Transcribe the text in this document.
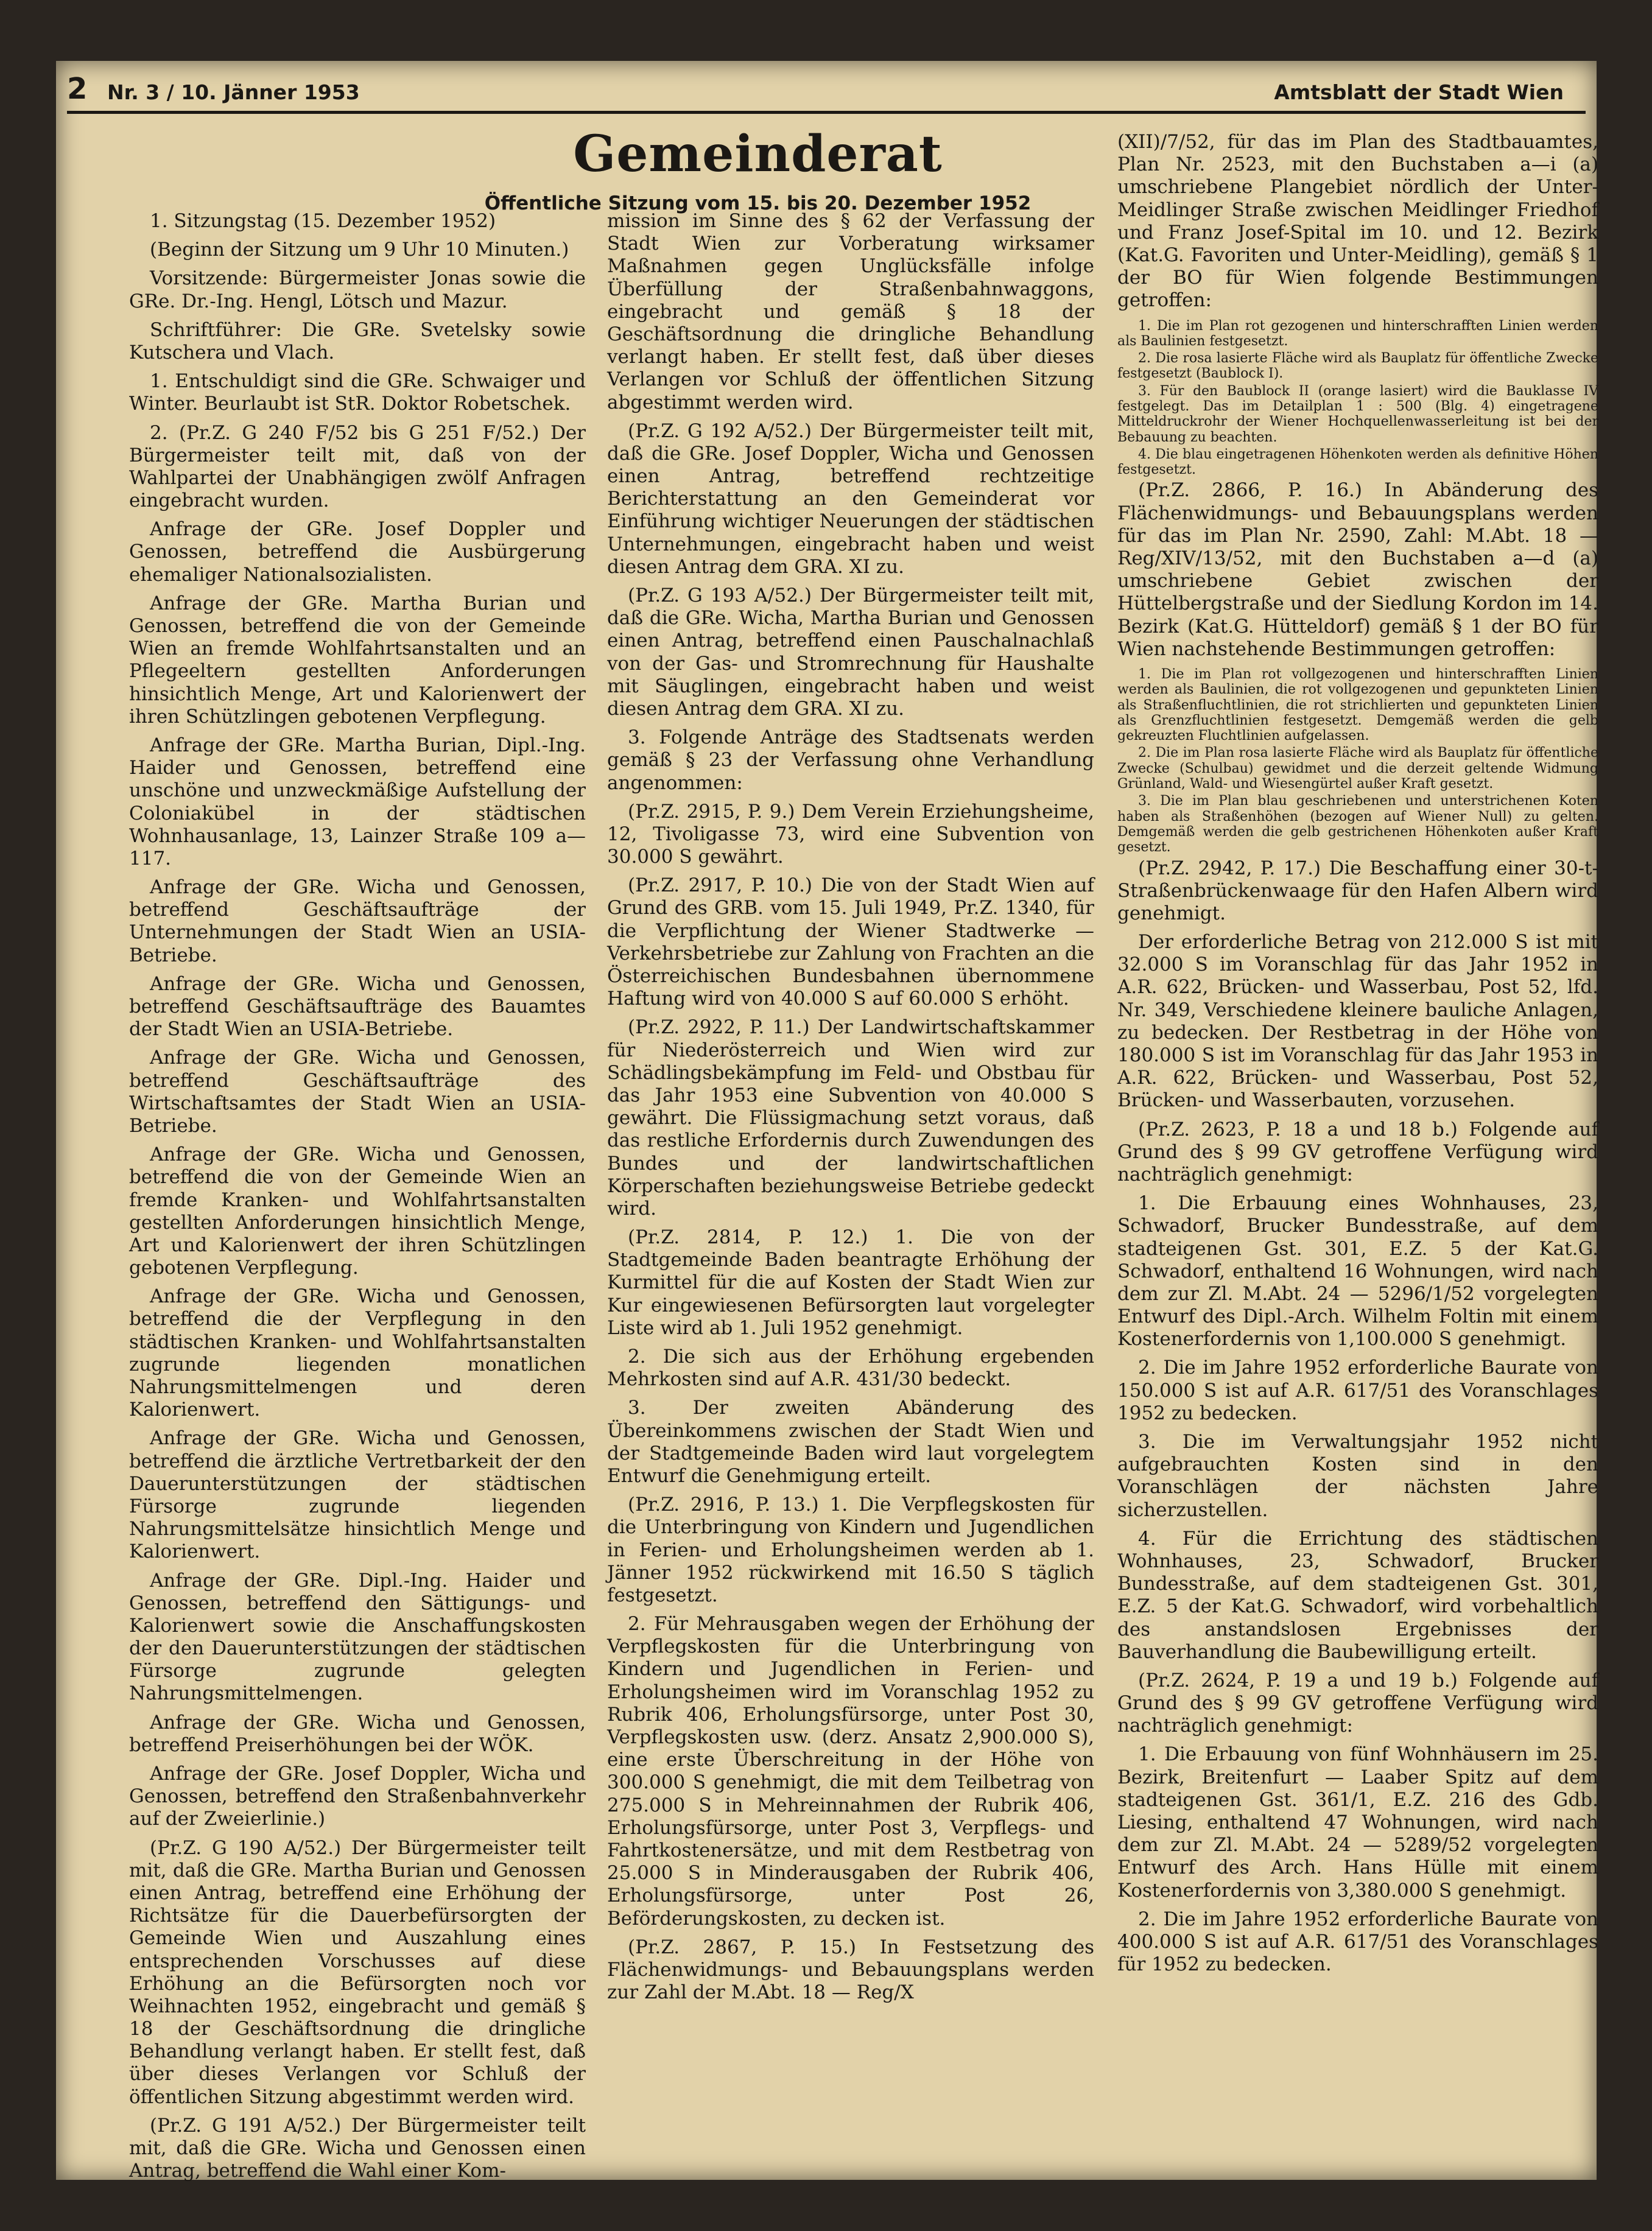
2 Nr. 3 / 10. Jänner 1953	Amtsblatt der Stadt Wien
Gemeinderat
Öffentliche Sitzung vom 15. bis 20. Dezember 1952

1. Sitzungstag (15. Dezember 1952)

(Beginn der Sitzung um 9 Uhr 10 Minuten.)

Vorsitzende: Bürgermeister Jonas sowie die GRe. Dr.-Ing. Hengl, Lötsch und Mazur.

Schriftführer: Die GRe. Svetelsky sowie Kutschera und Vlach.

1. Entschuldigt sind die GRe. Schwaiger und Winter. Beurlaubt ist StR. Doktor Robetschek.

2. (Pr.Z. G 240 F/52 bis G 251 F/52.) Der Bürgermeister teilt mit, daß von der Wahlpartei der Unabhängigen zwölf Anfragen eingebracht wurden.

Anfrage der GRe. Josef Doppler und Genossen, betreffend die Ausbürgerung ehemaliger Nationalsozialisten.

Anfrage der GRe. Martha Burian und Genossen, betreffend die von der Gemeinde Wien an fremde Wohlfahrtsanstalten und an Pflegeeltern gestellten Anforderungen hinsichtlich Menge, Art und Kalorienwert der ihren Schützlingen gebotenen Verpflegung.

Anfrage der GRe. Martha Burian, Dipl.-Ing. Haider und Genossen, betreffend eine unschöne und unzweckmäßige Aufstellung der Coloniakübel in der städtischen Wohnhausanlage, 13, Lainzer Straße 109 a—117.

Anfrage der GRe. Wicha und Genossen, betreffend Geschäftsaufträge der Unternehmungen der Stadt Wien an USIA-Betriebe.

Anfrage der GRe. Wicha und Genossen, betreffend Geschäftsaufträge des Bauamtes der Stadt Wien an USIA-Betriebe.

Anfrage der GRe. Wicha und Genossen, betreffend Geschäftsaufträge des Wirtschaftsamtes der Stadt Wien an USIA-Betriebe.

Anfrage der GRe. Wicha und Genossen, betreffend die von der Gemeinde Wien an fremde Kranken- und Wohlfahrtsanstalten gestellten Anforderungen hinsichtlich Menge, Art und Kalorienwert der ihren Schützlingen gebotenen Verpflegung.

Anfrage der GRe. Wicha und Genossen, betreffend die der Verpflegung in den städtischen Kranken- und Wohlfahrtsanstalten zugrunde liegenden monatlichen Nahrungsmittelmengen und deren Kalorienwert.

Anfrage der GRe. Wicha und Genossen, betreffend die ärztliche Vertretbarkeit der den Dauerunterstützungen der städtischen Fürsorge zugrunde liegenden Nahrungsmittelsätze hinsichtlich Menge und Kalorienwert.

Anfrage der GRe. Dipl.-Ing. Haider und Genossen, betreffend den Sättigungs- und Kalorienwert sowie die Anschaffungskosten der den Dauerunterstützungen der städtischen Fürsorge zugrunde gelegten Nahrungsmittelmengen.

Anfrage der GRe. Wicha und Genossen, betreffend Preiserhöhungen bei der WÖK.

Anfrage der GRe. Josef Doppler, Wicha und Genossen, betreffend den Straßenbahnverkehr auf der Zweierlinie.)

(Pr.Z. G 190 A/52.) Der Bürgermeister teilt mit, daß die GRe. Martha Burian und Genossen einen Antrag, betreffend eine Erhöhung der Richtsätze für die Dauerbefürsorgten der Gemeinde Wien und Auszahlung eines entsprechenden Vorschusses auf diese Erhöhung an die Befürsorgten noch vor Weihnachten 1952, eingebracht und gemäß § 18 der Geschäftsordnung die dringliche Behandlung verlangt haben. Er stellt fest, daß über dieses Verlangen vor Schluß der öffentlichen Sitzung abgestimmt werden wird.

(Pr.Z. G 191 A/52.) Der Bürgermeister teilt mit, daß die GRe. Wicha und Genossen einen Antrag, betreffend die Wahl einer Kom-

mission im Sinne des § 62 der Verfassung der Stadt Wien zur Vorberatung wirksamer Maßnahmen gegen Unglücksfälle infolge Überfüllung der Straßenbahnwaggons, eingebracht und gemäß § 18 der Geschäftsordnung die dringliche Behandlung verlangt haben. Er stellt fest, daß über dieses Verlangen vor Schluß der öffentlichen Sitzung abgestimmt werden wird.

(Pr.Z. G 192 A/52.) Der Bürgermeister teilt mit, daß die GRe. Josef Doppler, Wicha und Genossen einen Antrag, betreffend rechtzeitige Berichterstattung an den Gemeinderat vor Einführung wichtiger Neuerungen der städtischen Unternehmungen, eingebracht haben und weist diesen Antrag dem GRA. XI zu.

(Pr.Z. G 193 A/52.) Der Bürgermeister teilt mit, daß die GRe. Wicha, Martha Burian und Genossen einen Antrag, betreffend einen Pauschalnachlaß von der Gas- und Stromrechnung für Haushalte mit Säuglingen, eingebracht haben und weist diesen Antrag dem GRA. XI zu.

3. Folgende Anträge des Stadtsenats werden gemäß § 23 der Verfassung ohne Verhandlung angenommen:

(Pr.Z. 2915, P. 9.) Dem Verein Erziehungsheime, 12, Tivoligasse 73, wird eine Subvention von 30.000 S gewährt.

(Pr.Z. 2917, P. 10.) Die von der Stadt Wien auf Grund des GRB. vom 15. Juli 1949, Pr.Z. 1340, für die Verpflichtung der Wiener Stadtwerke — Verkehrsbetriebe zur Zahlung von Frachten an die Österreichischen Bundesbahnen übernommene Haftung wird von 40.000 S auf 60.000 S erhöht.

(Pr.Z. 2922, P. 11.) Der Landwirtschaftskammer für Niederösterreich und Wien wird zur Schädlingsbekämpfung im Feld- und Obstbau für das Jahr 1953 eine Subvention von 40.000 S gewährt. Die Flüssigmachung setzt voraus, daß das restliche Erfordernis durch Zuwendungen des Bundes und der landwirtschaftlichen Körperschaften beziehungsweise Betriebe gedeckt wird.

(Pr.Z. 2814, P. 12.) 1. Die von der Stadtgemeinde Baden beantragte Erhöhung der Kurmittel für die auf Kosten der Stadt Wien zur Kur eingewiesenen Befürsorgten laut vorgelegter Liste wird ab 1. Juli 1952 genehmigt.

2. Die sich aus der Erhöhung ergebenden Mehrkosten sind auf A.R. 431/30 bedeckt.

3. Der zweiten Abänderung des Übereinkommens zwischen der Stadt Wien und der Stadtgemeinde Baden wird laut vorgelegtem Entwurf die Genehmigung erteilt.

(Pr.Z. 2916, P. 13.) 1. Die Verpflegskosten für die Unterbringung von Kindern und Jugendlichen in Ferien- und Erholungsheimen werden ab 1. Jänner 1952 rückwirkend mit 16.50 S täglich festgesetzt.

2. Für Mehrausgaben wegen der Erhöhung der Verpflegskosten für die Unterbringung von Kindern und Jugendlichen in Ferien- und Erholungsheimen wird im Voranschlag 1952 zu Rubrik 406, Erholungsfürsorge, unter Post 30, Verpflegskosten usw. (derz. Ansatz 2,900.000 S), eine erste Überschreitung in der Höhe von 300.000 S genehmigt, die mit dem Teilbetrag von 275.000 S in Mehreinnahmen der Rubrik 406, Erholungsfürsorge, unter Post 3, Verpflegs- und Fahrtkostenersätze, und mit dem Restbetrag von 25.000 S in Minderausgaben der Rubrik 406, Erholungsfürsorge, unter Post 26, Beförderungskosten, zu decken ist.

(Pr.Z. 2867, P. 15.) In Festsetzung des Flächenwidmungs- und Bebauungsplans werden zur Zahl der M.Abt. 18 — Reg/X

(XII)/7/52, für das im Plan des Stadtbauamtes, Plan Nr. 2523, mit den Buchstaben a—i (a) umschriebene Plangebiet nördlich der Unter-Meidlinger Straße zwischen Meidlinger Friedhof und Franz Josef-Spital im 10. und 12. Bezirk (Kat.G. Favoriten und Unter-Meidling), gemäß § 1 der BO für Wien folgende Bestimmungen getroffen:

1. Die im Plan rot gezogenen und hinterschrafften Linien werden als Baulinien festgesetzt.

2. Die rosa lasierte Fläche wird als Bauplatz für öffentliche Zwecke festgesetzt (Baublock I).

3. Für den Baublock II (orange lasiert) wird die Bauklasse IV festgelegt. Das im Detailplan 1 : 500 (Blg. 4) eingetragene Mitteldruckrohr der Wiener Hochquellenwasserleitung ist bei der Bebauung zu beachten.

4. Die blau eingetragenen Höhenkoten werden als definitive Höhen festgesetzt.

(Pr.Z. 2866, P. 16.) In Abänderung des Flächenwidmungs- und Bebauungsplans werden für das im Plan Nr. 2590, Zahl: M.Abt. 18 — Reg/XIV/13/52, mit den Buchstaben a—d (a) umschriebene Gebiet zwischen der Hüttelbergstraße und der Siedlung Kordon im 14. Bezirk (Kat.G. Hütteldorf) gemäß § 1 der BO für Wien nachstehende Bestimmungen getroffen:

1. Die im Plan rot vollgezogenen und hinterschrafften Linien werden als Baulinien, die rot vollgezogenen und gepunkteten Linien als Straßenfluchtlinien, die rot strichlierten und gepunkteten Linien als Grenzfluchtlinien festgesetzt. Demgemäß werden die gelb gekreuzten Fluchtlinien aufgelassen.

2. Die im Plan rosa lasierte Fläche wird als Bauplatz für öffentliche Zwecke (Schulbau) gewidmet und die derzeit geltende Widmung Grünland, Wald- und Wiesengürtel außer Kraft gesetzt.

3. Die im Plan blau geschriebenen und unterstrichenen Koten haben als Straßenhöhen (bezogen auf Wiener Null) zu gelten. Demgemäß werden die gelb gestrichenen Höhenkoten außer Kraft gesetzt.

(Pr.Z. 2942, P. 17.) Die Beschaffung einer 30-t-Straßenbrückenwaage für den Hafen Albern wird genehmigt.

Der erforderliche Betrag von 212.000 S ist mit 32.000 S im Voranschlag für das Jahr 1952 in A.R. 622, Brücken- und Wasserbau, Post 52, lfd. Nr. 349, Verschiedene kleinere bauliche Anlagen, zu bedecken. Der Restbetrag in der Höhe von 180.000 S ist im Voranschlag für das Jahr 1953 in A.R. 622, Brücken- und Wasserbau, Post 52, Brücken- und Wasserbauten, vorzusehen.

(Pr.Z. 2623, P. 18 a und 18 b.) Folgende auf Grund des § 99 GV getroffene Verfügung wird nachträglich genehmigt:

1. Die Erbauung eines Wohnhauses, 23, Schwadorf, Brucker Bundesstraße, auf dem stadteigenen Gst. 301, E.Z. 5 der Kat.G. Schwadorf, enthaltend 16 Wohnungen, wird nach dem zur Zl. M.Abt. 24 — 5296/1/52 vorgelegten Entwurf des Dipl.-Arch. Wilhelm Foltin mit einem Kostenerfordernis von 1,100.000 S genehmigt.

2. Die im Jahre 1952 erforderliche Baurate von 150.000 S ist auf A.R. 617/51 des Voranschlages 1952 zu bedecken.

3. Die im Verwaltungsjahr 1952 nicht aufgebrauchten Kosten sind in den Voranschlägen der nächsten Jahre sicherzustellen.

4. Für die Errichtung des städtischen Wohnhauses, 23, Schwadorf, Brucker Bundesstraße, auf dem stadteigenen Gst. 301, E.Z. 5 der Kat.G. Schwadorf, wird vorbehaltlich des anstandslosen Ergebnisses der Bauverhandlung die Baubewilligung erteilt.

(Pr.Z. 2624, P. 19 a und 19 b.) Folgende auf Grund des § 99 GV getroffene Verfügung wird nachträglich genehmigt:

1. Die Erbauung von fünf Wohnhäusern im 25. Bezirk, Breitenfurt — Laaber Spitz auf dem stadteigenen Gst. 361/1, E.Z. 216 des Gdb. Liesing, enthaltend 47 Wohnungen, wird nach dem zur Zl. M.Abt. 24 — 5289/52 vorgelegten Entwurf des Arch. Hans Hülle mit einem Kostenerfordernis von 3,380.000 S genehmigt.

2. Die im Jahre 1952 erforderliche Baurate von 400.000 S ist auf A.R. 617/51 des Voranschlages für 1952 zu bedecken.
